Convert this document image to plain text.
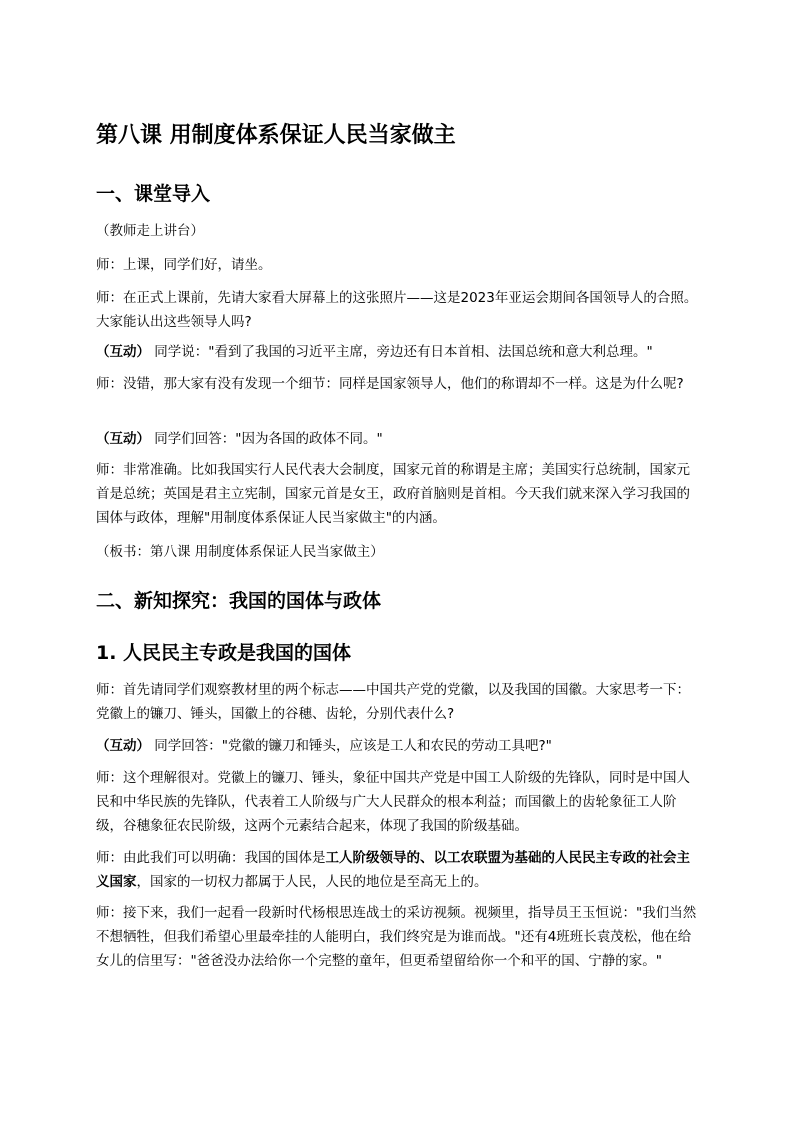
第八课 用制度体系保证人民当家做主
一、课堂导入

（教师走上讲台）

师：上课，同学们好，请坐。

师：在正式上课前，先请大家看大屏幕上的这张照片——这是2023年亚运会期间各国领导人的合照。大家能认出这些领导人吗?

（互动） 同学说："看到了我国的习近平主席，旁边还有日本首相、法国总统和意大利总理。"

师：没错，那大家有没有发现一个细节：同样是国家领导人，他们的称谓却不一样。这是为什么呢?

（互动） 同学们回答："因为各国的政体不同。"

师：非常准确。比如我国实行人民代表大会制度，国家元首的称谓是主席；美国实行总统制，国家元首是总统；英国是君主立宪制，国家元首是女王，政府首脑则是首相。今天我们就来深入学习我国的国体与政体，理解"用制度体系保证人民当家做主"的内涵。

（板书：第八课 用制度体系保证人民当家做主）

二、新知探究：我国的国体与政体
1. 人民民主专政是我国的国体

师：首先请同学们观察教材里的两个标志——中国共产党的党徽，以及我国的国徽。大家思考一下：党徽上的镰刀、锤头，国徽上的谷穗、齿轮，分别代表什么?

（互动） 同学回答："党徽的镰刀和锤头，应该是工人和农民的劳动工具吧?"

师：这个理解很对。党徽上的镰刀、锤头，象征中国共产党是中国工人阶级的先锋队，同时是中国人民和中华民族的先锋队，代表着工人阶级与广大人民群众的根本利益；而国徽上的齿轮象征工人阶级，谷穗象征农民阶级，这两个元素结合起来，体现了我国的阶级基础。

师：由此我们可以明确：我国的国体是工人阶级领导的、以工农联盟为基础的人民民主专政的社会主义国家，国家的一切权力都属于人民，人民的地位是至高无上的。

师：接下来，我们一起看一段新时代杨根思连战士的采访视频。视频里，指导员王玉恒说："我们当然不想牺牲，但我们希望心里最牵挂的人能明白，我们终究是为谁而战。"还有4班班长袁茂松，他在给女儿的信里写："爸爸没办法给你一个完整的童年，但更希望留给你一个和平的国、宁静的家。"
